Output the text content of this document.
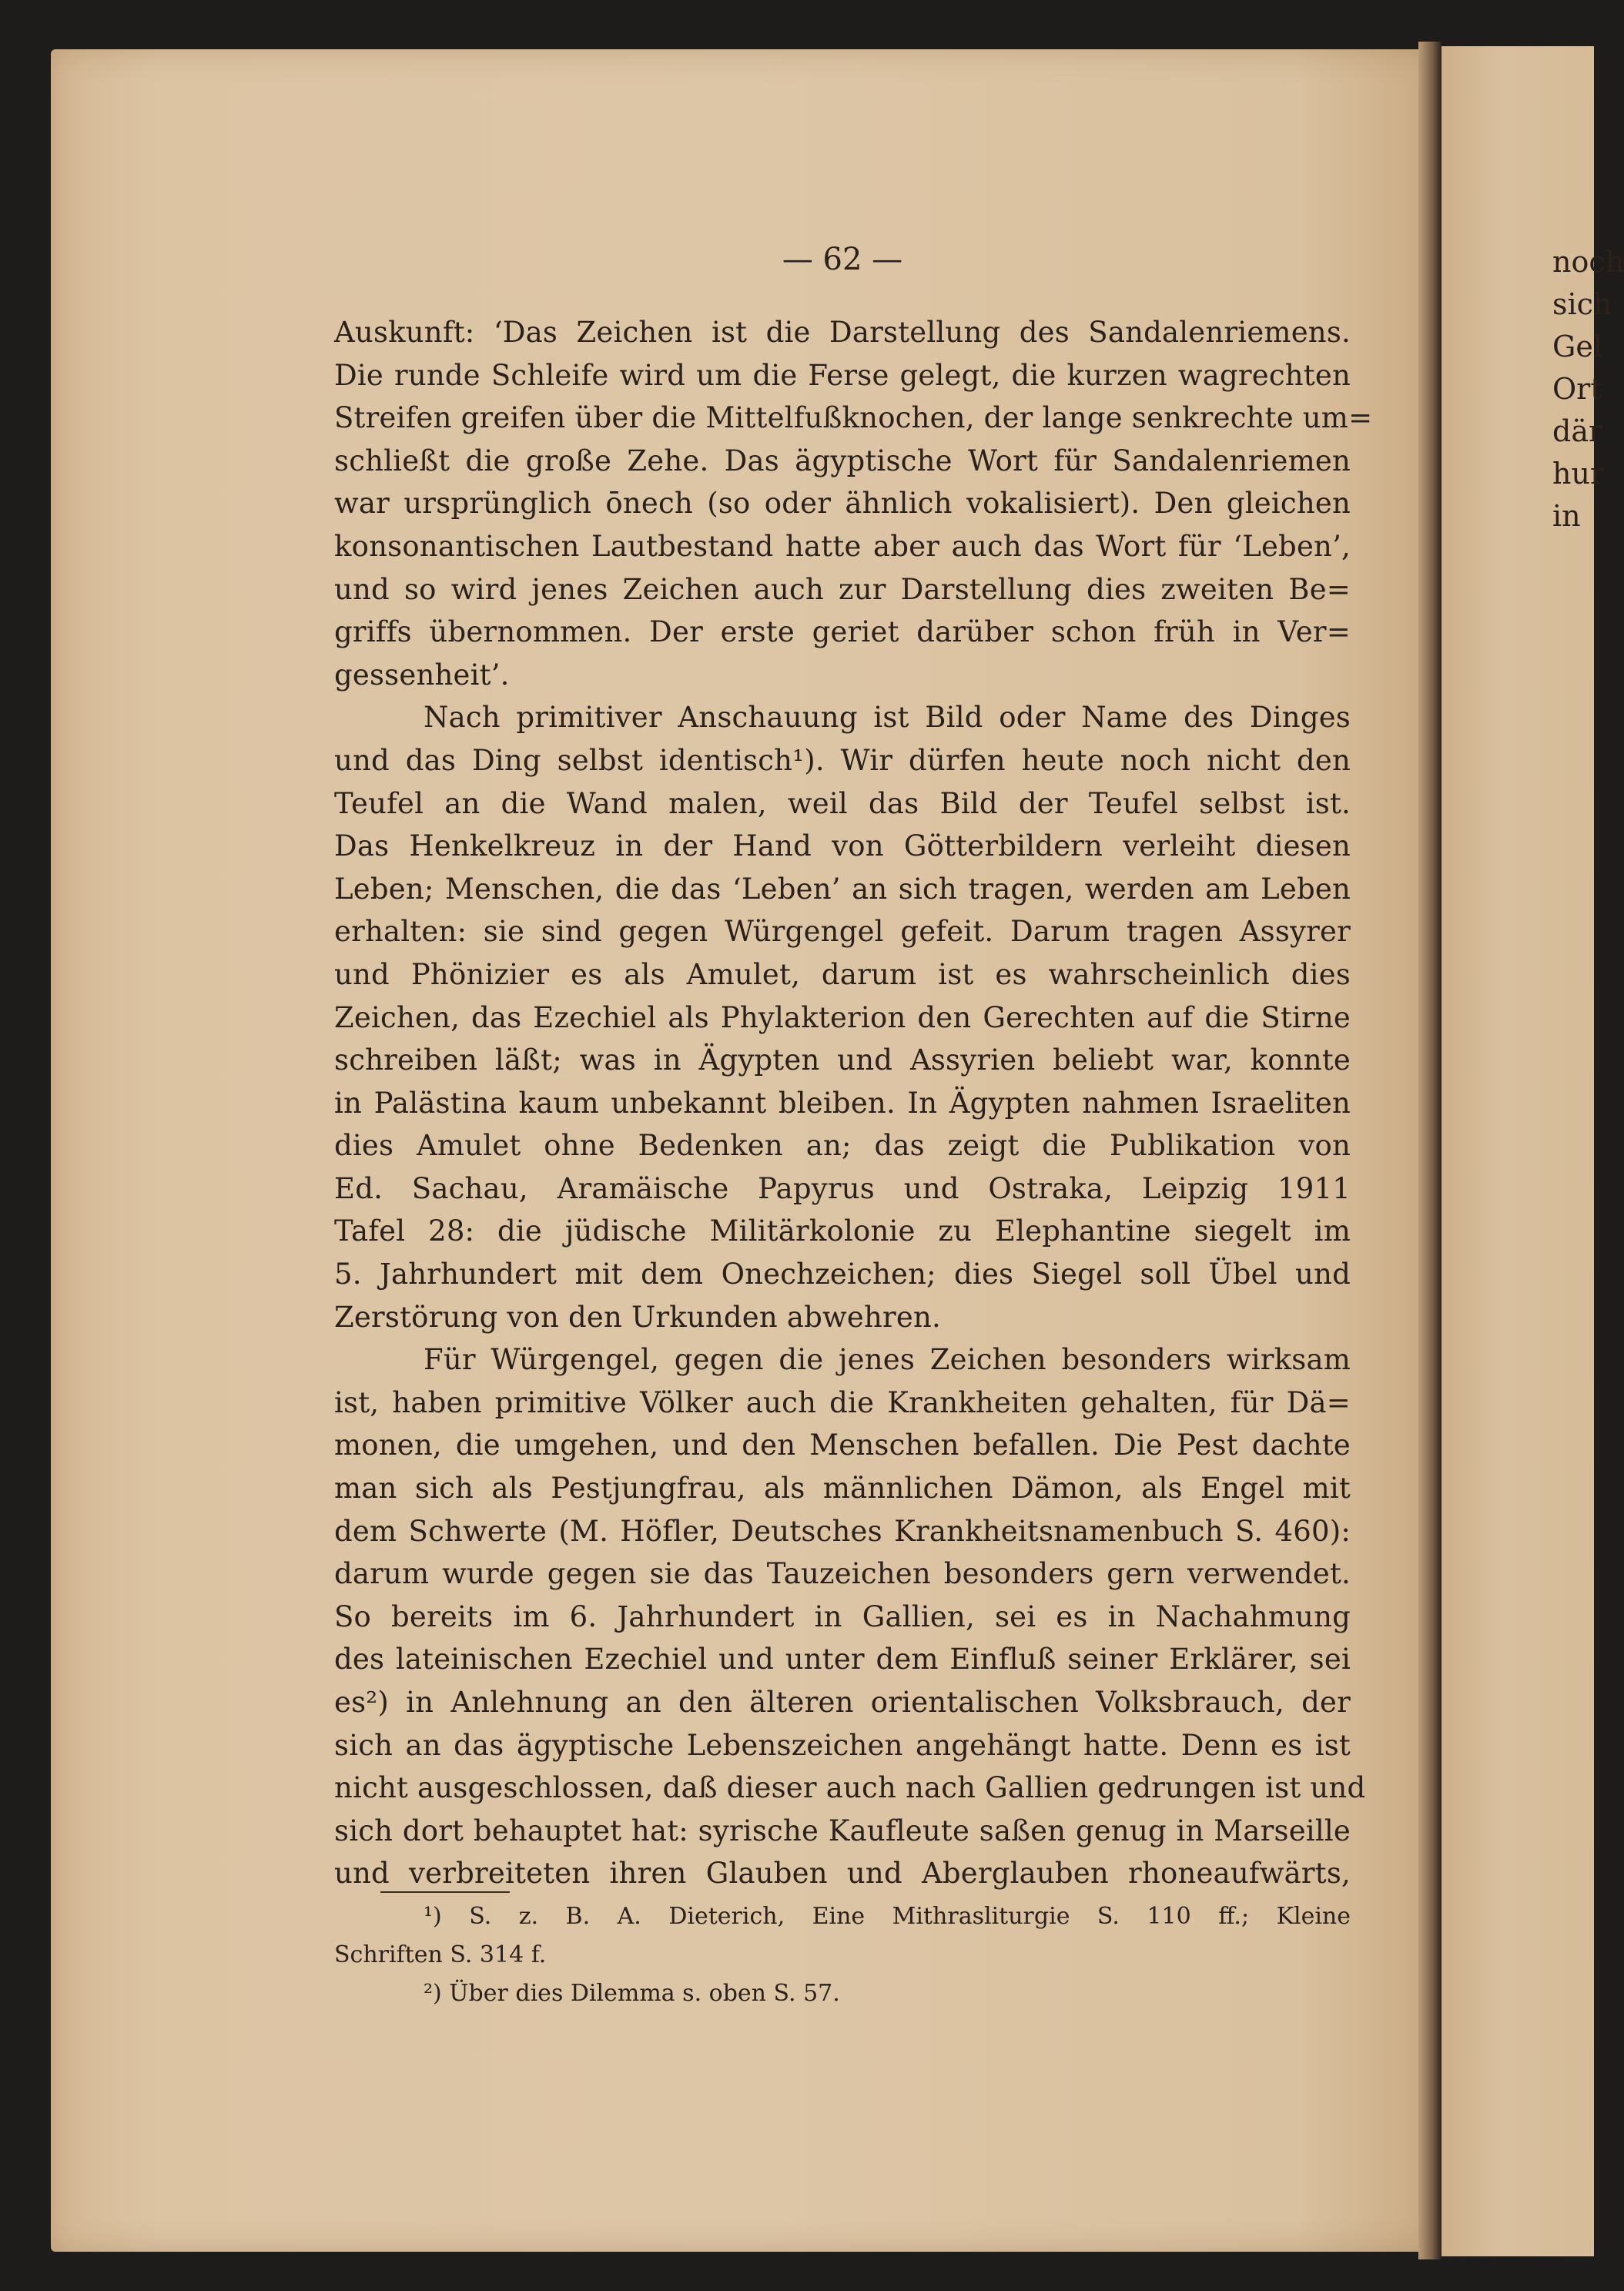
— 62 —
Auskunft: ‘Das Zeichen ist die Darstellung des Sandalenriemens.
Die runde Schleife wird um die Ferse gelegt, die kurzen wagrechten
Streifen greifen über die Mittelfußknochen, der lange senkrechte um=
schließt die große Zehe. Das ägyptische Wort für Sandalenriemen
war ursprünglich ōnech (so oder ähnlich vokalisiert). Den gleichen
konsonantischen Lautbestand hatte aber auch das Wort für ‘Leben’,
und so wird jenes Zeichen auch zur Darstellung dies zweiten Be=
griffs übernommen. Der erste geriet darüber schon früh in Ver=
gessenheit’.
Nach primitiver Anschauung ist Bild oder Name des Dinges
und das Ding selbst identisch¹). Wir dürfen heute noch nicht den
Teufel an die Wand malen, weil das Bild der Teufel selbst ist.
Das Henkelkreuz in der Hand von Götterbildern verleiht diesen
Leben; Menschen, die das ‘Leben’ an sich tragen, werden am Leben
erhalten: sie sind gegen Würgengel gefeit. Darum tragen Assyrer
und Phönizier es als Amulet, darum ist es wahrscheinlich dies
Zeichen, das Ezechiel als Phylakterion den Gerechten auf die Stirne
schreiben läßt; was in Ägypten und Assyrien beliebt war, konnte
in Palästina kaum unbekannt bleiben. In Ägypten nahmen Israeliten
dies Amulet ohne Bedenken an; das zeigt die Publikation von
Ed. Sachau, Aramäische Papyrus und Ostraka, Leipzig 1911
Tafel 28: die jüdische Militärkolonie zu Elephantine siegelt im
5. Jahrhundert mit dem Onechzeichen; dies Siegel soll Übel und
Zerstörung von den Urkunden abwehren.
Für Würgengel, gegen die jenes Zeichen besonders wirksam
ist, haben primitive Völker auch die Krankheiten gehalten, für Dä=
monen, die umgehen, und den Menschen befallen. Die Pest dachte
man sich als Pestjungfrau, als männlichen Dämon, als Engel mit
dem Schwerte (M. Höfler, Deutsches Krankheitsnamenbuch S. 460):
darum wurde gegen sie das Tauzeichen besonders gern verwendet.
So bereits im 6. Jahrhundert in Gallien, sei es in Nachahmung
des lateinischen Ezechiel und unter dem Einfluß seiner Erklärer, sei
es²) in Anlehnung an den älteren orientalischen Volksbrauch, der
sich an das ägyptische Lebenszeichen angehängt hatte. Denn es ist
nicht ausgeschlossen, daß dieser auch nach Gallien gedrungen ist und
sich dort behauptet hat: syrische Kaufleute saßen genug in Marseille
und verbreiteten ihren Glauben und Aberglauben rhoneaufwärts,
¹) S. z. B. A. Dieterich, Eine Mithrasliturgie S. 110 ff.; Kleine
Schriften S. 314 f.
²) Über dies Dilemma s. oben S. 57.
noch
sich
Gel
Ort
där
hur
in
